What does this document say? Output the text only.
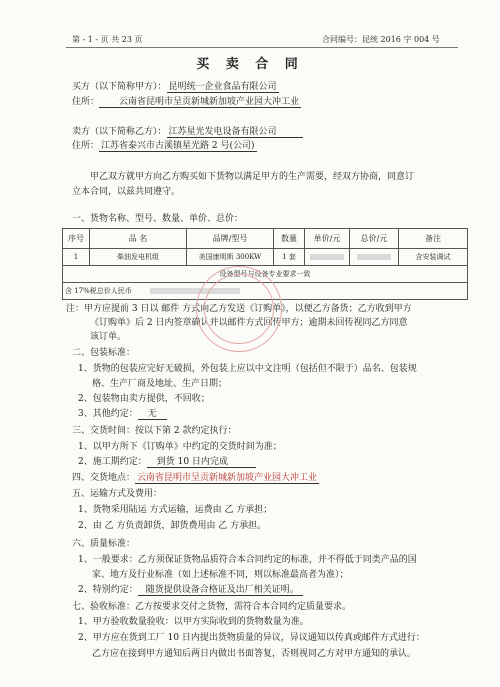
第 - 1 - 页 共 23 页	合同编号：昆统 2016 字 004 号
买 卖 合 同
买方（以下简称甲方）： 昆明统一企业食品有限公司
住所： 云南省昆明市呈贡新城新加坡产业园大冲工业
卖方（以下简称乙方）： 江苏星光发电设备有限公司
住所： 江苏省泰兴市古溪镇星光路 2 号(公司)
甲乙双方就甲方向乙方购买如下货物以满足甲方的生产需要，经双方协商，同意订
立本合同，以兹共同遵守。
一、货物名称、型号、数量、单价、总价：
序号	品 名	品牌/型号	数量	单价/元	总价/元	备注
1	柴油发电机组	美国康明斯 300KW	1 套			含安装调试
设备型号与设备专业要求一致						
含 17%税总价人民币						
注：甲方应提前 3 日以 邮件 方式向乙方发送《订购单》，以便乙方备货；乙方收到甲方
《订购单》后 2 日内签章确认并以邮件方式回传甲方；逾期未回传视同乙方同意
该订单。
二、包装标准：
1、货物的包装应完好无破损，外包装上应以中文注明（包括但不限于）品名、包装规
格、生产厂商及地址、生产日期；
2、包装物由卖方提供，不回收；
3、其他约定： 无
三、交货时间：按以下第 2 款约定执行：
1、以甲方所下《订购单》中约定的交货时间为准；
2、施工期约定： 到货 10 日内完成
四、交货地点： 云南省昆明市呈贡新城新加坡产业园大冲工业
五、运输方式及费用：
1、货物采用陆运 方式运输，运费由 乙 方承担；
2、由 乙 方负责卸货，卸货费用由 乙 方承担。
六、质量标准：
1、一般要求：乙方须保证货物品质符合本合同约定的标准，并不得低于同类产品的国
家、地方及行业标准（如上述标准不同，则以标准最高者为准）；
2、特别约定： 随货提供设备合格证及出厂相关证明。
七、验收标准：乙方按要求交付之货物，需符合本合同约定质量要求。
1、甲方验收数量验收：以甲方实际收到的货物数量为准。
2、甲方应在货到工厂 10 日内提出货物质量的异议，异议通知以传真或邮件方式进行：
乙方应在接到甲方通知后两日内做出书面答复，否则视同乙方对甲方通知的承认。
